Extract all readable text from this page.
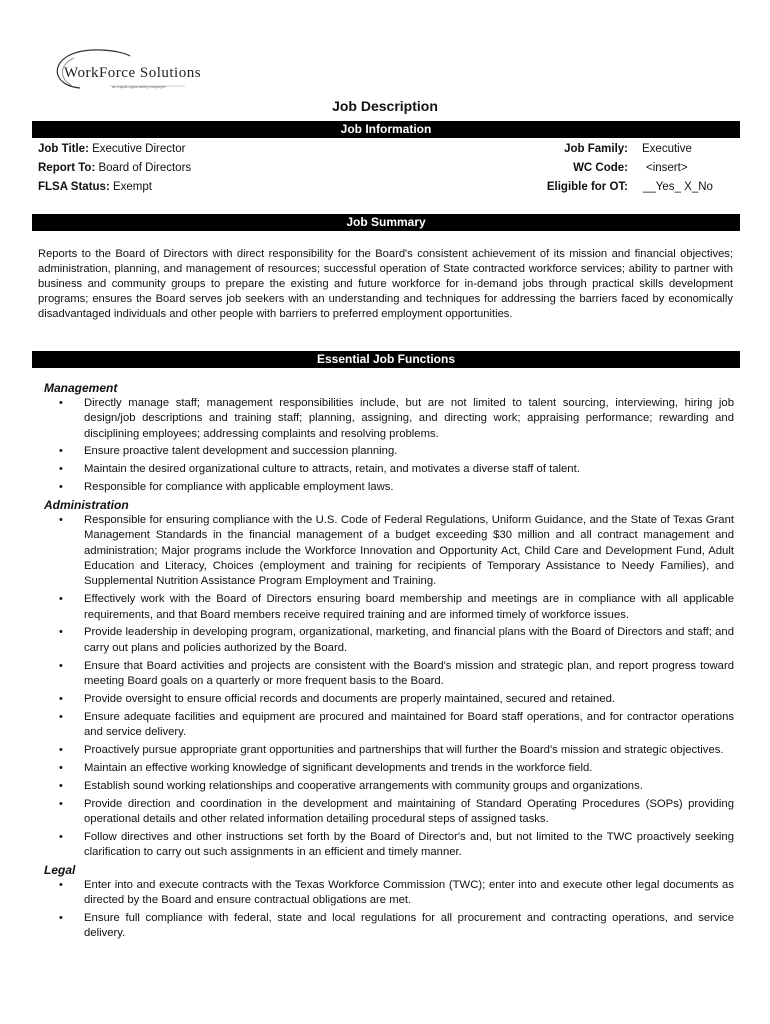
WorkForce Solutions
an equal opportunity employer
Job Description
Job Information
Job Title: Executive Director
Report To: Board of Directors
FLSA Status: Exempt
Job Family: Executive
WC Code: <insert>
Eligible for OT: __Yes_ X_No
Job Summary
Reports to the Board of Directors with direct responsibility for the Board's consistent achievement of its mission and financial objectives; administration, planning, and management of resources; successful operation of State contracted workforce services; ability to partner with business and community groups to prepare the existing and future workforce for in-demand jobs through practical skills development programs; ensures the Board serves job seekers with an understanding and techniques for addressing the barriers faced by economically disadvantaged individuals and other people with barriers to preferred employment opportunities.
Essential Job Functions

Management

• Directly manage staff; management responsibilities include, but are not limited to talent sourcing, interviewing, hiring job design/job descriptions and training staff; planning, assigning, and directing work; appraising performance; rewarding and disciplining employees; addressing complaints and resolving problems.
• Ensure proactive talent development and succession planning.
• Maintain the desired organizational culture to attracts, retain, and motivates a diverse staff of talent.
• Responsible for compliance with applicable employment laws.

Administration

• Responsible for ensuring compliance with the U.S. Code of Federal Regulations, Uniform Guidance, and the State of Texas Grant Management Standards in the financial management of a budget exceeding $30 million and all contract management and administration; Major programs include the Workforce Innovation and Opportunity Act, Child Care and Development Fund, Adult Education and Literacy, Choices (employment and training for recipients of Temporary Assistance to Needy Families), and Supplemental Nutrition Assistance Program Employment and Training.
• Effectively work with the Board of Directors ensuring board membership and meetings are in compliance with all applicable requirements, and that Board members receive required training and are informed timely of workforce issues.
• Provide leadership in developing program, organizational, marketing, and financial plans with the Board of Directors and staff; and carry out plans and policies authorized by the Board.
• Ensure that Board activities and projects are consistent with the Board's mission and strategic plan, and report progress toward meeting Board goals on a quarterly or more frequent basis to the Board.
• Provide oversight to ensure official records and documents are properly maintained, secured and retained.
• Ensure adequate facilities and equipment are procured and maintained for Board staff operations, and for contractor operations and service delivery.
• Proactively pursue appropriate grant opportunities and partnerships that will further the Board's mission and strategic objectives.
• Maintain an effective working knowledge of significant developments and trends in the workforce field.
• Establish sound working relationships and cooperative arrangements with community groups and organizations.
• Provide direction and coordination in the development and maintaining of Standard Operating Procedures (SOPs) providing operational details and other related information detailing procedural steps of assigned tasks.
• Follow directives and other instructions set forth by the Board of Director's and, but not limited to the TWC proactively seeking clarification to carry out such assignments in an efficient and timely manner.

Legal

• Enter into and execute contracts with the Texas Workforce Commission (TWC); enter into and execute other legal documents as directed by the Board and ensure contractual obligations are met.
• Ensure full compliance with federal, state and local regulations for all procurement and contracting operations, and service delivery.
